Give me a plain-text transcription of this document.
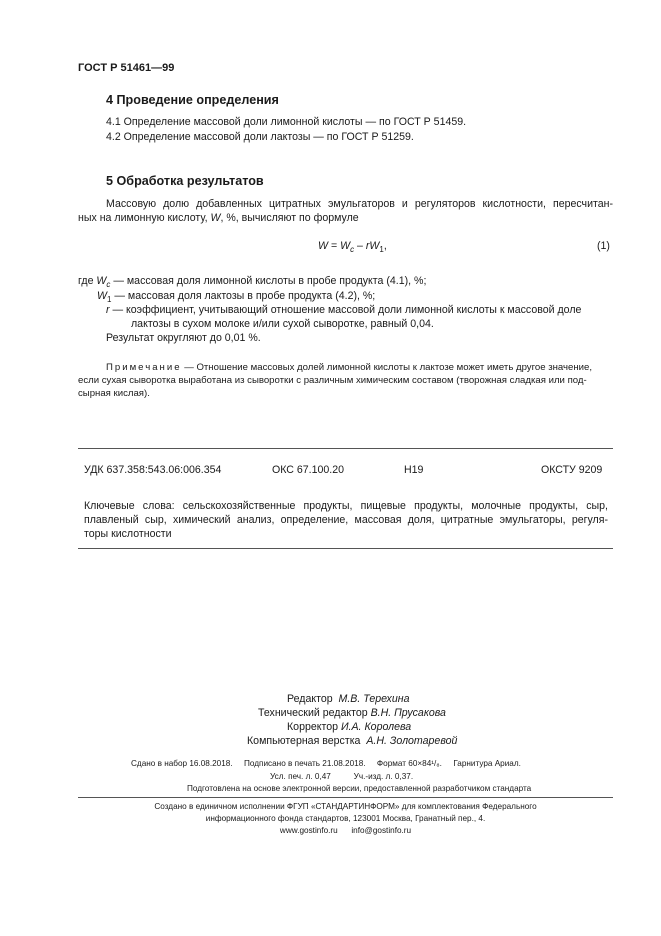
ГОСТ Р 51461—99
4 Проведение определения
4.1 Определение массовой доли лимонной кислоты — по ГОСТ Р 51459.
4.2 Определение массовой доли лактозы — по ГОСТ Р 51259.
5 Обработка результатов
Массовую долю добавленных цитратных эмульгаторов и регуляторов кислотности, пересчитан-
ных на лимонную кислоту, W, %, вычисляют по формуле
$W = W_c - rW_1$,	(1)
где $W_c$ — массовая доля лимонной кислоты в пробе продукта (4.1), %;
$W_1$ — массовая доля лактозы в пробе продукта (4.2), %;
r — коэффициент, учитывающий отношение массовой доли лимонной кислоты к массовой доле
лактозы в сухом молоке и/или сухой сыворотке, равный 0,04.
Результат округляют до 0,01 %.
Примечание — Отношение массовых долей лимонной кислоты к лактозе может иметь другое значение,
если сухая сыворотка выработана из сыворотки с различным химическим составом (творожная сладкая или под-
сырная кислая).
УДК 637.358:543.06:006.354	ОКС 67.100.20	Н19	ОКСТУ 9209
Ключевые слова: сельскохозяйственные продукты, пищевые продукты, молочные продукты, сыр,
плавленый сыр, химический анализ, определение, массовая доля, цитратные эмульгаторы, регуля-
торы кислотности
Редактор М.В. Терехина
Технический редактор В.Н. Прусакова
Корректор И.А. Королева
Компьютерная верстка А.Н. Золотаревой
Сдано в набор 16.08.2018.     Подписано в печать 21.08.2018.     Формат 60×84¹/₈.     Гарнитура Ариал.
Усл. печ. л. 0,47          Уч.-изд. л. 0,37.
Подготовлена на основе электронной версии, предоставленной разработчиком стандарта
Создано в единичном исполнении ФГУП «СТАНДАРТИНФОРМ» для комплектования Федерального
информационного фонда стандартов, 123001 Москва, Гранатный пер., 4.
www.gostinfo.ru      info@gostinfo.ru
